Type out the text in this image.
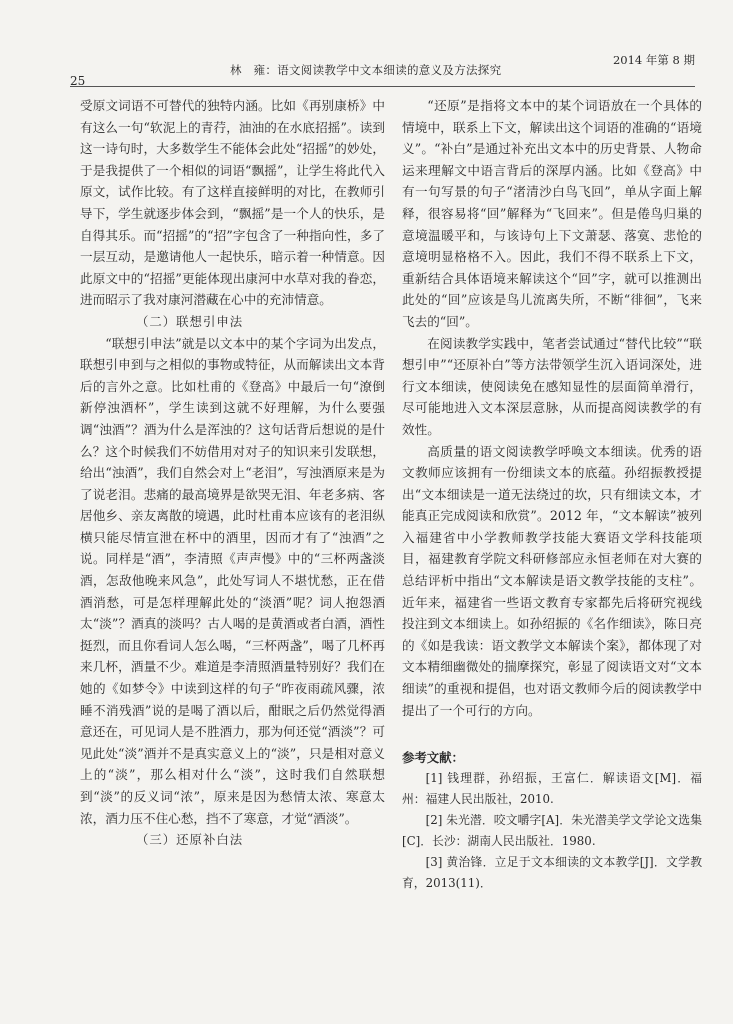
25
林　雍：语文阅读教学中文本细读的意义及方法探究
2014 年第 8 期

受原文词语不可替代的独特内涵。比如《再别康桥》中有这么一句“软泥上的青荇，油油的在水底招摇”。读到这一诗句时，大多数学生不能体会此处“招摇”的妙处，于是我提供了一个相似的词语“飘摇”，让学生将此代入原文，试作比较。有了这样直接鲜明的对比，在教师引导下，学生就逐步体会到，“飘摇”是一个人的快乐，是自得其乐。而“招摇”的“招”字包含了一种指向性，多了一层互动，是邀请他人一起快乐，暗示着一种情意。因此原文中的“招摇”更能体现出康河中水草对我的眷恋，进而昭示了我对康河潜藏在心中的充沛情意。

（二）联想引申法

“联想引申法”就是以文本中的某个字词为出发点，联想引申到与之相似的事物或特征，从而解读出文本背后的言外之意。比如杜甫的《登高》中最后一句“潦倒新停浊酒杯”，学生读到这就不好理解，为什么要强调“浊酒”？酒为什么是浑浊的？这句话背后想说的是什么？这个时候我们不妨借用对对子的知识来引发联想，给出“浊酒”，我们自然会对上“老泪”，写浊酒原来是为了说老泪。悲痛的最高境界是欲哭无泪、年老多病、客居他乡、亲友离散的境遇，此时杜甫本应该有的老泪纵横只能尽情宣泄在杯中的酒里，因而才有了“浊酒”之说。同样是“酒”，李清照《声声慢》中的“三杯两盏淡酒，怎敌他晚来风急”，此处写词人不堪忧愁，正在借酒消愁，可是怎样理解此处的“淡酒”呢？词人抱怨酒太“淡”？酒真的淡吗？古人喝的是黄酒或者白酒，酒性挺烈，而且你看词人怎么喝，“三杯两盏”，喝了几杯再来几杯，酒量不少。难道是李清照酒量特别好？我们在她的《如梦令》中读到这样的句子“昨夜雨疏风骤，浓睡不消残酒”说的是喝了酒以后，酣眠之后仍然觉得酒意还在，可见词人是不胜酒力，那为何还觉“酒淡”？可见此处“淡”酒并不是真实意义上的“淡”，只是相对意义上的“淡”，那么相对什么“淡”，这时我们自然联想到“淡”的反义词“浓”，原来是因为愁情太浓、寒意太浓，酒力压不住心愁，挡不了寒意，才觉“酒淡”。

（三）还原补白法

“还原”是指将文本中的某个词语放在一个具体的情境中，联系上下文，解读出这个词语的准确的“语境义”。“补白”是通过补充出文本中的历史背景、人物命运来理解文中语言背后的深厚内涵。比如《登高》中有一句写景的句子“渚清沙白鸟飞回”，单从字面上解释，很容易将“回”解释为“飞回来”。但是倦鸟归巢的意境温暖平和，与该诗句上下文萧瑟、落寞、悲怆的意境明显格格不入。因此，我们不得不联系上下文，重新结合具体语境来解读这个“回”字，就可以推测出此处的“回”应该是鸟儿流离失所，不断“徘徊”，飞来飞去的“回”。

在阅读教学实践中，笔者尝试通过“替代比较”“联想引申”“还原补白”等方法带领学生沉入语词深处，进行文本细读，使阅读免在感知显性的层面简单滑行，尽可能地进入文本深层意脉，从而提高阅读教学的有效性。

高质量的语文阅读教学呼唤文本细读。优秀的语文教师应该拥有一份细读文本的底蕴。孙绍振教授提出“文本细读是一道无法绕过的坎，只有细读文本，才能真正完成阅读和欣赏”。2012 年，“文本解读”被列入福建省中小学教师教学技能大赛语文学科技能项目，福建教育学院文科研修部应永恒老师在对大赛的总结评析中指出“文本解读是语文教学技能的支柱”。近年来，福建省一些语文教育专家都先后将研究视线投注到文本细读上。如孙绍振的《名作细读》，陈日亮的《如是我读：语文教学文本解读个案》，都体现了对文本精细幽微处的揣摩探究，彰显了阅读语文对“文本细读”的重视和提倡，也对语文教师今后的阅读教学中提出了一个可行的方向。

参考文献：

[1] 钱理群，孙绍振，王富仁．解读语文[M]．福州：福建人民出版社，2010.

[2] 朱光潜．咬文嚼字[A]．朱光潜美学文学论文选集[C]．长沙：湖南人民出版社．1980.

[3] 黄治锋．立足于文本细读的文本教学[J]．文学教育，2013(11)．
